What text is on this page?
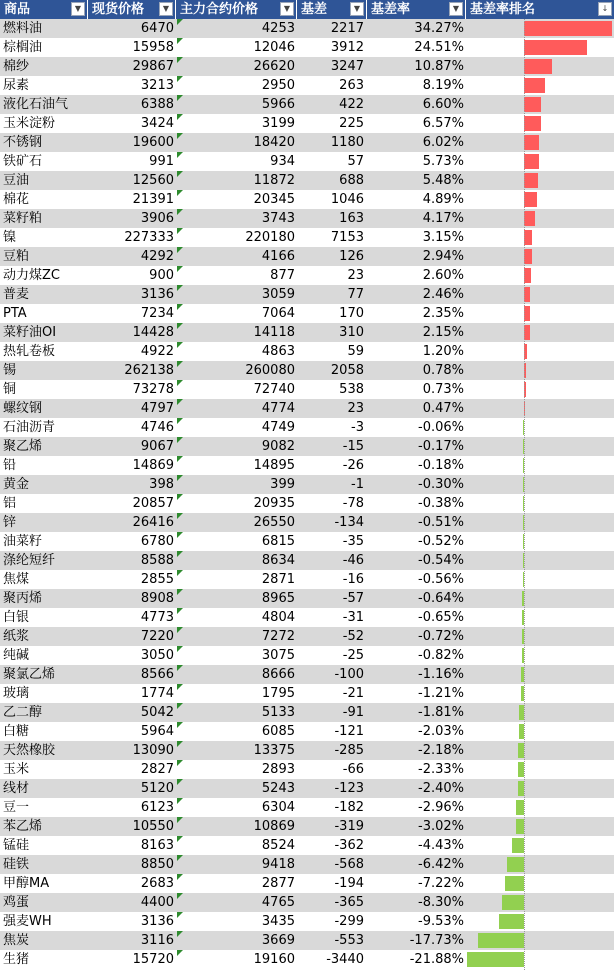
商品	▼ 现货价格	▼ 主力合约价格	▼ 基差	▼ 基差率	▼ 基差率排名	↓
燃料油	6470	4253	2217	34.27%
棕榈油	15958	12046	3912	24.51%
棉纱	29867	26620	3247	10.87%
尿素	3213	2950	263	8.19%
液化石油气	6388	5966	422	6.60%
玉米淀粉	3424	3199	225	6.57%
不锈钢	19600	18420	1180	6.02%
铁矿石	991	934	57	5.73%
豆油	12560	11872	688	5.48%
棉花	21391	20345	1046	4.89%
菜籽粕	3906	3743	163	4.17%
镍	227333	220180	7153	3.15%
豆粕	4292	4166	126	2.94%
动力煤ZC	900	877	23	2.60%
普麦	3136	3059	77	2.46%
PTA	7234	7064	170	2.35%
菜籽油OI	14428	14118	310	2.15%
热轧卷板	4922	4863	59	1.20%
锡	262138	260080	2058	0.78%
铜	73278	72740	538	0.73%
螺纹钢	4797	4774	23	0.47%
石油沥青	4746	4749	-3	-0.06%
聚乙烯	9067	9082	-15	-0.17%
铅	14869	14895	-26	-0.18%
黄金	398	399	-1	-0.30%
铝	20857	20935	-78	-0.38%
锌	26416	26550	-134	-0.51%
油菜籽	6780	6815	-35	-0.52%
涤纶短纤	8588	8634	-46	-0.54%
焦煤	2855	2871	-16	-0.56%
聚丙烯	8908	8965	-57	-0.64%
白银	4773	4804	-31	-0.65%
纸浆	7220	7272	-52	-0.72%
纯碱	3050	3075	-25	-0.82%
聚氯乙烯	8566	8666	-100	-1.16%
玻璃	1774	1795	-21	-1.21%
乙二醇	5042	5133	-91	-1.81%
白糖	5964	6085	-121	-2.03%
天然橡胶	13090	13375	-285	-2.18%
玉米	2827	2893	-66	-2.33%
线材	5120	5243	-123	-2.40%
豆一	6123	6304	-182	-2.96%
苯乙烯	10550	10869	-319	-3.02%
锰硅	8163	8524	-362	-4.43%
硅铁	8850	9418	-568	-6.42%
甲醇MA	2683	2877	-194	-7.22%
鸡蛋	4400	4765	-365	-8.30%
强麦WH	3136	3435	-299	-9.53%
焦炭	3116	3669	-553	-17.73%
生猪	15720	19160	-3440	-21.88%
